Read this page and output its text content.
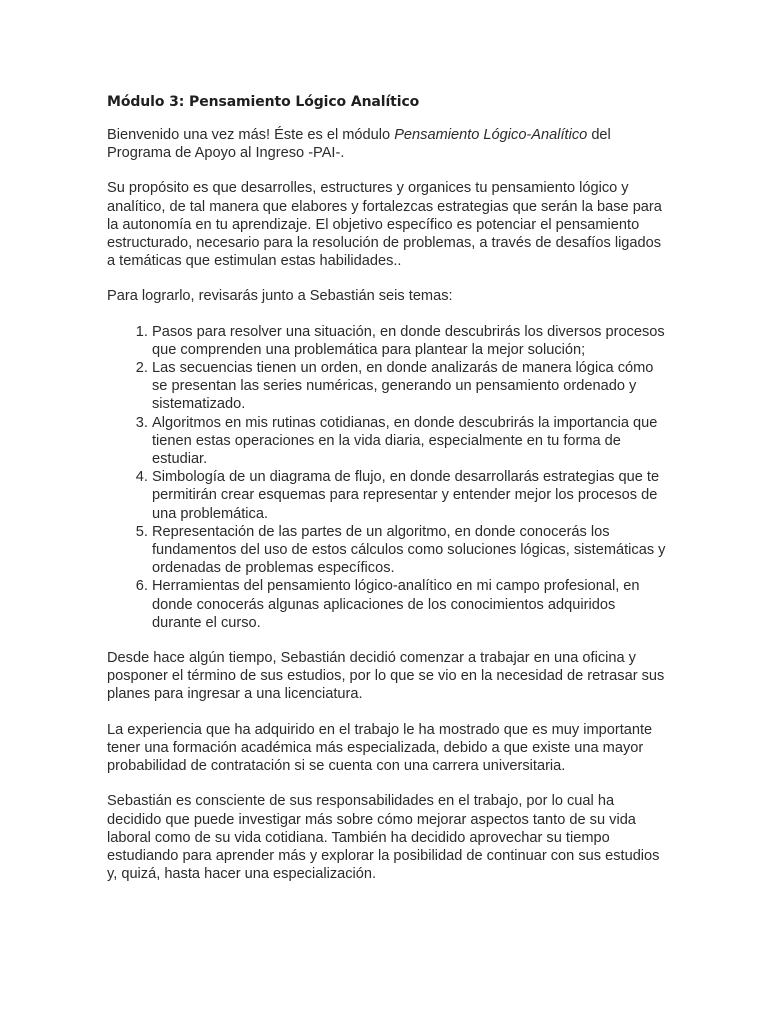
Módulo 3: Pensamiento Lógico Analítico

Bienvenido una vez más! Éste es el módulo Pensamiento Lógico-Analítico del Programa de Apoyo al Ingreso -PAI-.

Su propósito es que desarrolles, estructures y organices tu pensamiento lógico y analítico, de tal manera que elabores y fortalezcas estrategias que serán la base para la autonomía en tu aprendizaje. El objetivo específico es potenciar el pensamiento estructurado, necesario para la resolución de problemas, a través de desafíos ligados a temáticas que estimulan estas habilidades..

Para lograrlo, revisarás junto a Sebastián seis temas:

1. Pasos para resolver una situación, en donde descubrirás los diversos procesos que comprenden una problemática para plantear la mejor solución;
2. Las secuencias tienen un orden, en donde analizarás de manera lógica cómo se presentan las series numéricas, generando un pensamiento ordenado y sistematizado.
3. Algoritmos en mis rutinas cotidianas, en donde descubrirás la importancia que tienen estas operaciones en la vida diaria, especialmente en tu forma de estudiar.
4. Simbología de un diagrama de flujo, en donde desarrollarás estrategias que te permitirán crear esquemas para representar y entender mejor los procesos de una problemática.
5. Representación de las partes de un algoritmo, en donde conocerás los fundamentos del uso de estos cálculos como soluciones lógicas, sistemáticas y ordenadas de problemas específicos.
6. Herramientas del pensamiento lógico-analítico en mi campo profesional, en donde conocerás algunas aplicaciones de los conocimientos adquiridos durante el curso.

Desde hace algún tiempo, Sebastián decidió comenzar a trabajar en una oficina y posponer el término de sus estudios, por lo que se vio en la necesidad de retrasar sus planes para ingresar a una licenciatura.

La experiencia que ha adquirido en el trabajo le ha mostrado que es muy importante tener una formación académica más especializada, debido a que existe una mayor probabilidad de contratación si se cuenta con una carrera universitaria.

Sebastián es consciente de sus responsabilidades en el trabajo, por lo cual ha decidido que puede investigar más sobre cómo mejorar aspectos tanto de su vida laboral como de su vida cotidiana. También ha decidido aprovechar su tiempo estudiando para aprender más y explorar la posibilidad de continuar con sus estudios y, quizá, hasta hacer una especialización.
